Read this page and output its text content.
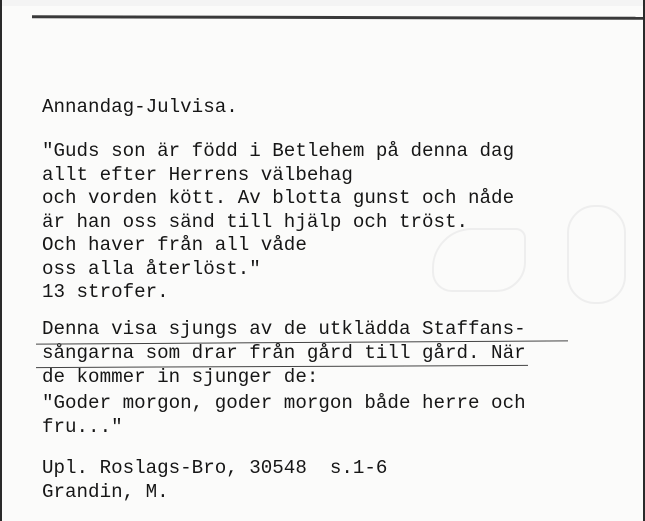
Annandag-Julvisa.

"Guds son är född i Betlehem på denna dag

allt efter Herrens välbehag

och vorden kött. Av blotta gunst och nåde

är han oss sänd till hjälp och tröst.

Och haver från all våde

oss alla återlöst."

13 strofer.

Denna visa sjungs av de utklädda Staffans-

sångarna som drar från gård till gård. När

de kommer in sjunger de:

"Goder morgon, goder morgon både herre och

fru..."

Upl. Roslags-Bro, 30548  s.1-6

Grandin, M.
